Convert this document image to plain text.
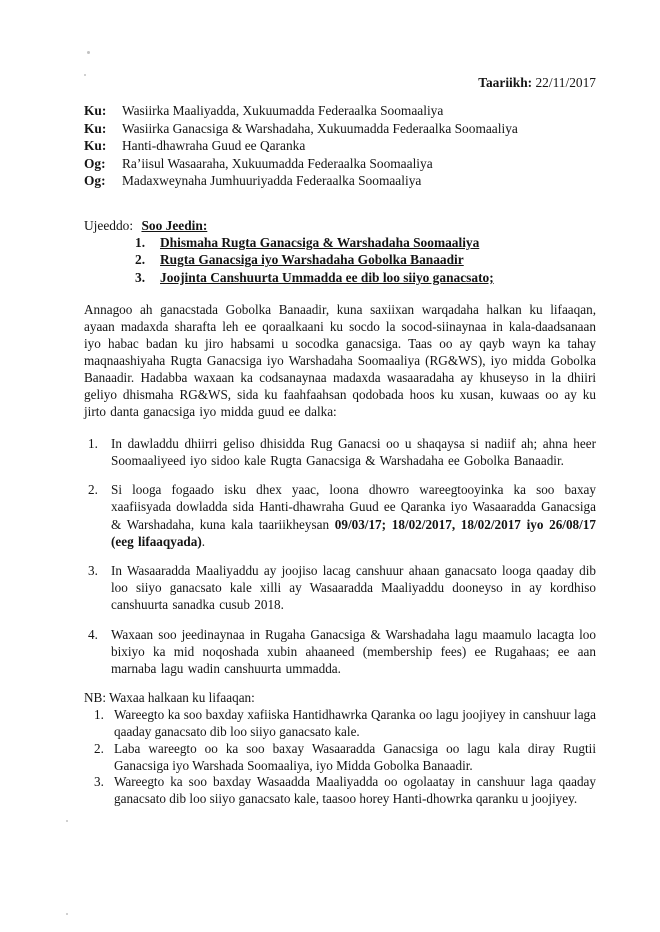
Taariikh: 22/11/2017
Ku:	Wasiirka Maaliyadda, Xukuumadda Federaalka Soomaaliya
Ku:	Wasiirka Ganacsiga & Warshadaha, Xukuumadda Federaalka Soomaaliya
Ku:	Hanti-dhawraha Guud ee Qaranka
Og:	Ra’iisul Wasaaraha, Xukuumadda Federaalka Soomaaliya
Og:	Madaxweynaha Jumhuuriyadda Federaalka Soomaaliya
Ujeeddo: Soo Jeedin:
1.	Dhismaha Rugta Ganacsiga & Warshadaha Soomaaliya
2.	Rugta Ganacsiga iyo Warshadaha Gobolka Banaadir
3.	Joojinta Canshuurta Ummadda ee dib loo siiyo ganacsato;
Annagoo ah ganacstada Gobolka Banaadir, kuna saxiixan warqadaha halkan ku lifaaqan, ayaan madaxda sharafta leh ee qoraalkaani ku socdo la socod-siinaynaa in kala-daadsanaan iyo habac badan ku jiro habsami u socodka ganacsiga. Taas oo ay qayb wayn ka tahay maqnaashiyaha Rugta Ganacsiga iyo Warshadaha Soomaaliya (RG&WS), iyo midda Gobolka Banaadir. Hadabba waxaan ka codsanaynaa madaxda wasaaradaha ay khuseyso in la dhiiri geliyo dhismaha RG&WS, sida ku faahfaahsan qodobada hoos ku xusan, kuwaas oo ay ku jirto danta ganacsiga iyo midda guud ee dalka:
1. In dawladdu dhiirri geliso dhisidda Rug Ganacsi oo u shaqaysa si nadiif ah; ahna heer Soomaaliyeed iyo sidoo kale Rugta Ganacsiga & Warshadaha ee Gobolka Banaadir.
2. Si looga fogaado isku dhex yaac, loona dhowro wareegtooyinka ka soo baxay xaafiisyada dowladda sida Hanti-dhawraha Guud ee Qaranka iyo Wasaaradda Ganacsiga & Warshadaha, kuna kala taariikheysan 09/03/17; 18/02/2017, 18/02/2017 iyo 26/08/17 (eeg lifaaqyada).
3. In Wasaaradda Maaliyaddu ay joojiso lacag canshuur ahaan ganacsato looga qaaday dib loo siiyo ganacsato kale xilli ay Wasaaradda Maaliyaddu dooneyso in ay kordhiso canshuurta sanadka cusub 2018.
4. Waxaan soo jeedinaynaa in Rugaha Ganacsiga & Warshadaha lagu maamulo lacagta loo bixiyo ka mid noqoshada xubin ahaaneed (membership fees) ee Rugahaas; ee aan marnaba lagu wadin canshuurta ummadda.
NB: Waxaa halkaan ku lifaaqan:
1. Wareegto ka soo baxday xafiiska Hantidhawrka Qaranka oo lagu joojiyey in canshuur laga qaaday ganacsato dib loo siiyo ganacsato kale.
2. Laba wareegto oo ka soo baxay Wasaaradda Ganacsiga oo lagu kala diray Rugtii Ganacsiga iyo Warshada Soomaaliya, iyo Midda Gobolka Banaadir.
3. Wareegto ka soo baxday Wasaadda Maaliyadda oo ogolaatay in canshuur laga qaaday ganacsato dib loo siiyo ganacsato kale, taasoo horey Hanti-dhowrka qaranku u joojiyey.
